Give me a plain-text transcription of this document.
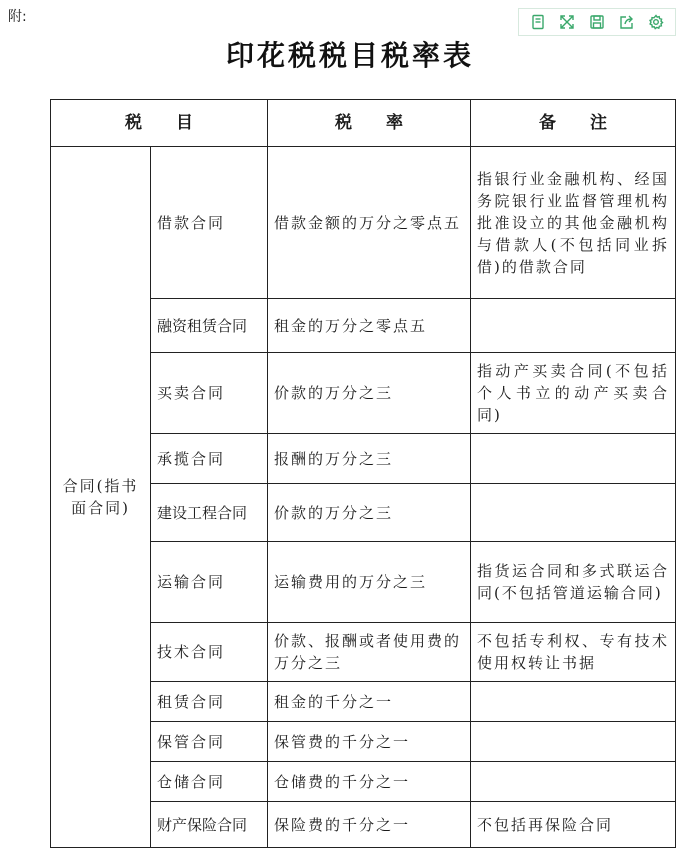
附:
印花税税目税率表
税　　目		税　　率	备　　注
合同(指书面合同)	借款合同	借款金额的万分之零点五	指银行业金融机构、经国务院银行业监督管理机构批准设立的其他金融机构与借款人(不包括同业拆借)的借款合同
	融资租赁合同	租金的万分之零点五	
	买卖合同	价款的万分之三	指动产买卖合同(不包括个人书立的动产买卖合同)
	承揽合同	报酬的万分之三	
	建设工程合同	价款的万分之三	
	运输合同	运输费用的万分之三	指货运合同和多式联运合同(不包括管道运输合同)
	技术合同	价款、报酬或者使用费的万分之三	不包括专利权、专有技术使用权转让书据
	租赁合同	租金的千分之一	
	保管合同	保管费的千分之一	
	仓储合同	仓储费的千分之一	
	财产保险合同	保险费的千分之一	不包括再保险合同
